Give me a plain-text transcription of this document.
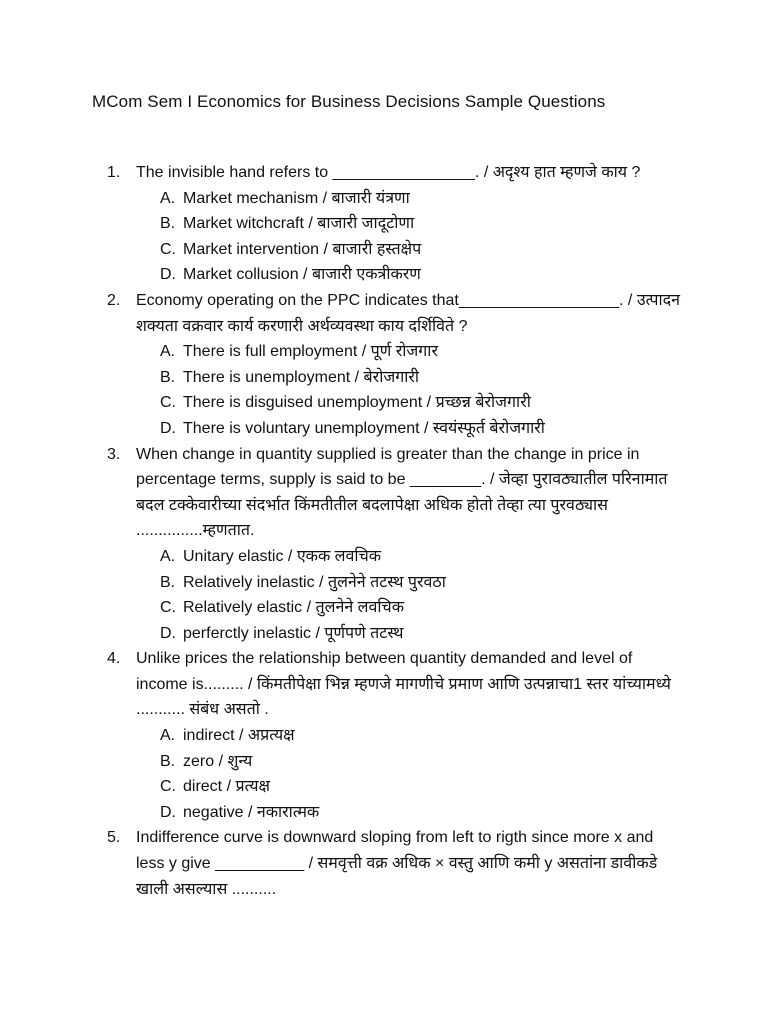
MCom Sem I Economics for Business Decisions Sample Questions
1. The invisible hand refers to ________________. / अदृश्य हात म्हणजे काय ?
A. Market mechanism / बाजारी यंत्रणा
B. Market witchcraft / बाजारी जादूटोणा
C. Market intervention / बाजारी हस्तक्षेप
D. Market collusion / बाजारी एकत्रीकरण
2. Economy operating on the PPC indicates that__________________. / उत्पादन शक्यता वक्रवार कार्य करणारी अर्थव्यवस्था काय दर्शिविते ?
A. There is full employment / पूर्ण रोजगार
B. There is unemployment / बेरोजगारी
C. There is disguised unemployment / प्रच्छन्न बेरोजगारी
D. There is voluntary unemployment / स्वयंस्फूर्त बेरोजगारी
3. When change in quantity supplied is greater than the change in price in percentage terms, supply is said to be ________. / जेव्हा पुरावठ्यातील परिनामात बदल टक्केवारीच्या संदर्भात किंमतीतील बदलापेक्षा अधिक होतो तेव्हा त्या पुरवठ्यास ...............म्हणतात.
A. Unitary elastic / एकक लवचिक
B. Relatively inelastic / तुलनेने तटस्थ पुरवठा
C. Relatively elastic / तुलनेने लवचिक
D. perferctly inelastic / पूर्णपणे तटस्थ
4. Unlike prices the relationship between quantity demanded and level of income is......... / किंमतीपेक्षा भिन्न म्हणजे मागणीचे प्रमाण आणि उत्पन्नाचा1 स्तर यांच्यामध्ये ........... संबंध असतो .
A. indirect / अप्रत्यक्ष
B. zero / शुन्य
C. direct / प्रत्यक्ष
D. negative / नकारात्मक
5. Indifference curve is downward sloping from left to rigth since more x and less y give __________ / समवृत्ती वक्र अधिक × वस्तु आणि कमी y असतांना डावीकडे खाली असल्यास ..........
